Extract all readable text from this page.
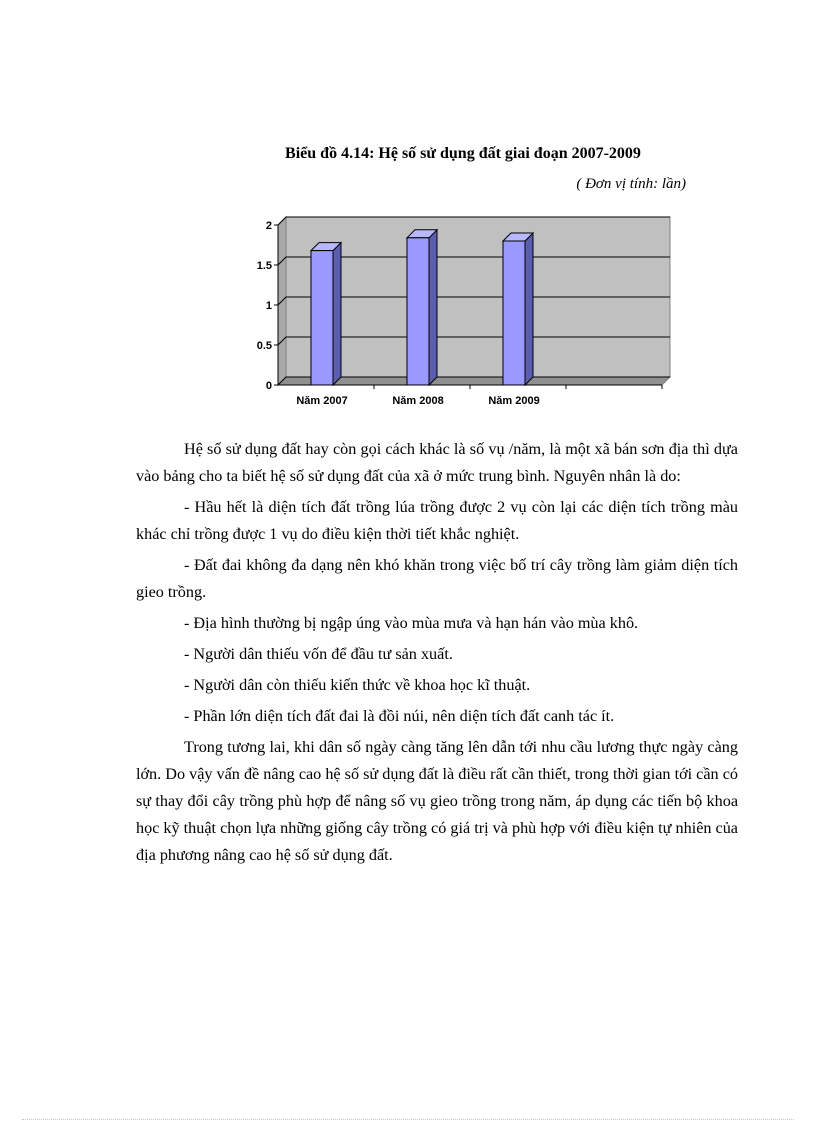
Biểu đồ 4.14: Hệ số sử dụng đất giai đoạn 2007-2009
( Đơn vị tính: lần)
0
0.5
1
1.5
2
Năm 2007	Năm 2008	Năm 2009

Hệ số sử dụng đất hay còn gọi cách khác là số vụ /năm, là một xã bán sơn địa thì dựa vào bảng cho ta biết hệ số sử dụng đất của xã ở mức trung bình. Nguyên nhân là do:

- Hầu hết là diện tích đất trồng lúa trồng được 2 vụ còn lại các diện tích trồng màu khác chỉ trồng được 1 vụ do điều kiện thời tiết khắc nghiệt.

- Đất đai không đa dạng nên khó khăn trong việc bố trí cây trồng làm giảm diện tích gieo trồng.

- Địa hình thường bị ngập úng vào mùa mưa và hạn hán vào mùa khô.

- Người dân thiếu vốn để đầu tư sản xuất.

- Người dân còn thiếu kiến thức về khoa học kĩ thuật.

- Phần lớn diện tích đất đai là đồi núi, nên diện tích đất canh tác ít.

Trong tương lai, khi dân số ngày càng tăng lên dẫn tới nhu cầu lương thực ngày càng lớn. Do vậy vấn đề nâng cao hệ số sử dụng đất là điều rất cần thiết, trong thời gian tới cần có sự thay đổi cây trồng phù hợp để nâng số vụ gieo trồng trong năm, áp dụng các tiến bộ khoa học kỹ thuật chọn lựa những giống cây trồng có giá trị và phù hợp với điều kiện tự nhiên của địa phương nâng cao hệ số sử dụng đất.
